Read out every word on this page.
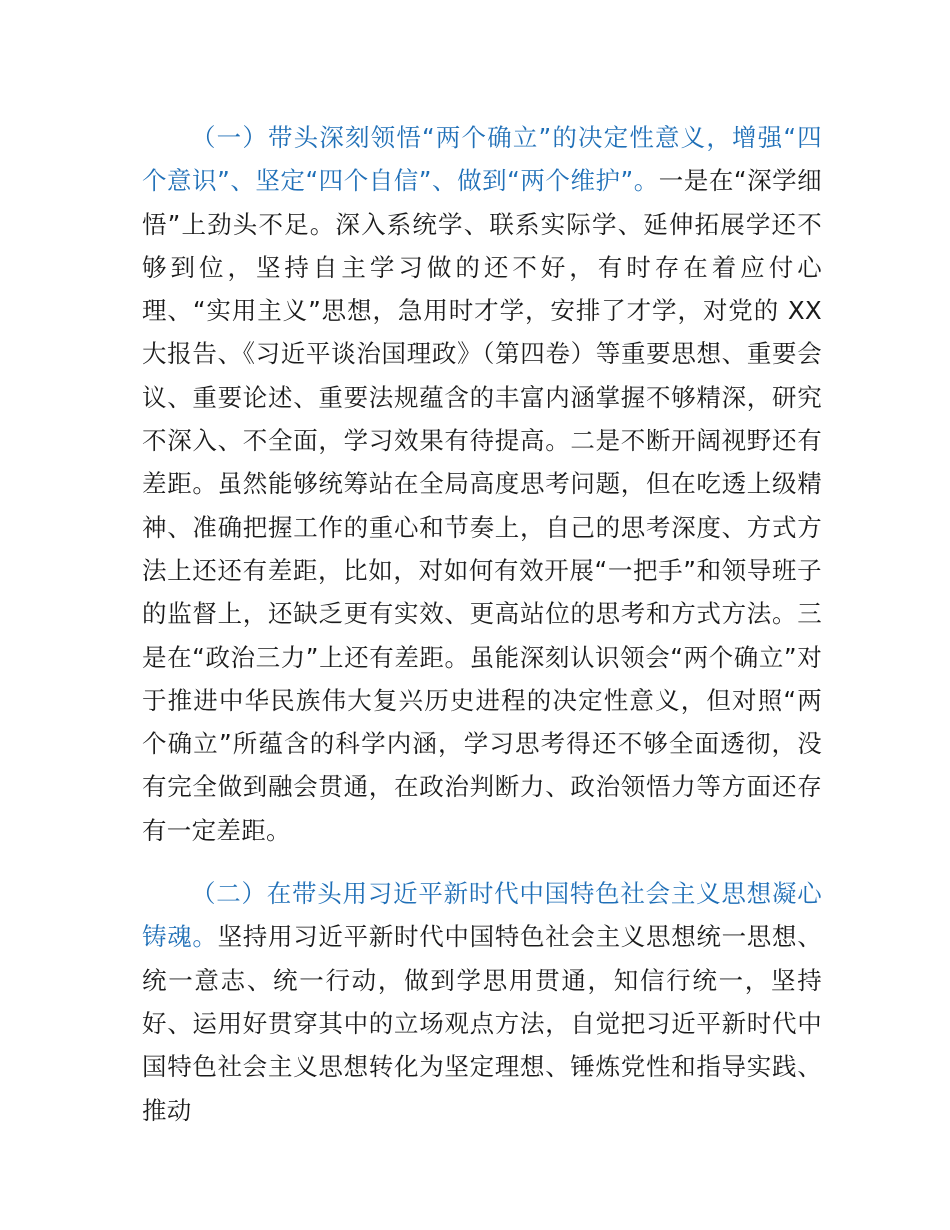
（一）带头深刻领悟“两个确立”的决定性意义，增强“四个意识”、坚定“四个自信”、做到“两个维护”。一是在“深学细悟”上劲头不足。深入系统学、联系实际学、延伸拓展学还不够到位，坚持自主学习做的还不好，有时存在着应付心理、“实用主义”思想，急用时才学，安排了才学，对党的 XX 大报告、《习近平谈治国理政》（第四卷）等重要思想、重要会议、重要论述、重要法规蕴含的丰富内涵掌握不够精深，研究不深入、不全面，学习效果有待提高。二是不断开阔视野还有差距。虽然能够统筹站在全局高度思考问题，但在吃透上级精神、准确把握工作的重心和节奏上，自己的思考深度、方式方法上还还有差距，比如，对如何有效开展“一把手”和领导班子的监督上，还缺乏更有实效、更高站位的思考和方式方法。三是在“政治三力”上还有差距。虽能深刻认识领会“两个确立”对于推进中华民族伟大复兴历史进程的决定性意义，但对照“两个确立”所蕴含的科学内涵，学习思考得还不够全面透彻，没有完全做到融会贯通，在政治判断力、政治领悟力等方面还存有一定差距。

（二）在带头用习近平新时代中国特色社会主义思想凝心铸魂。坚持用习近平新时代中国特色社会主义思想统一思想、统一意志、统一行动，做到学思用贯通，知信行统一，坚持好、运用好贯穿其中的立场观点方法，自觉把习近平新时代中国特色社会主义思想转化为坚定理想、锤炼党性和指导实践、推动
